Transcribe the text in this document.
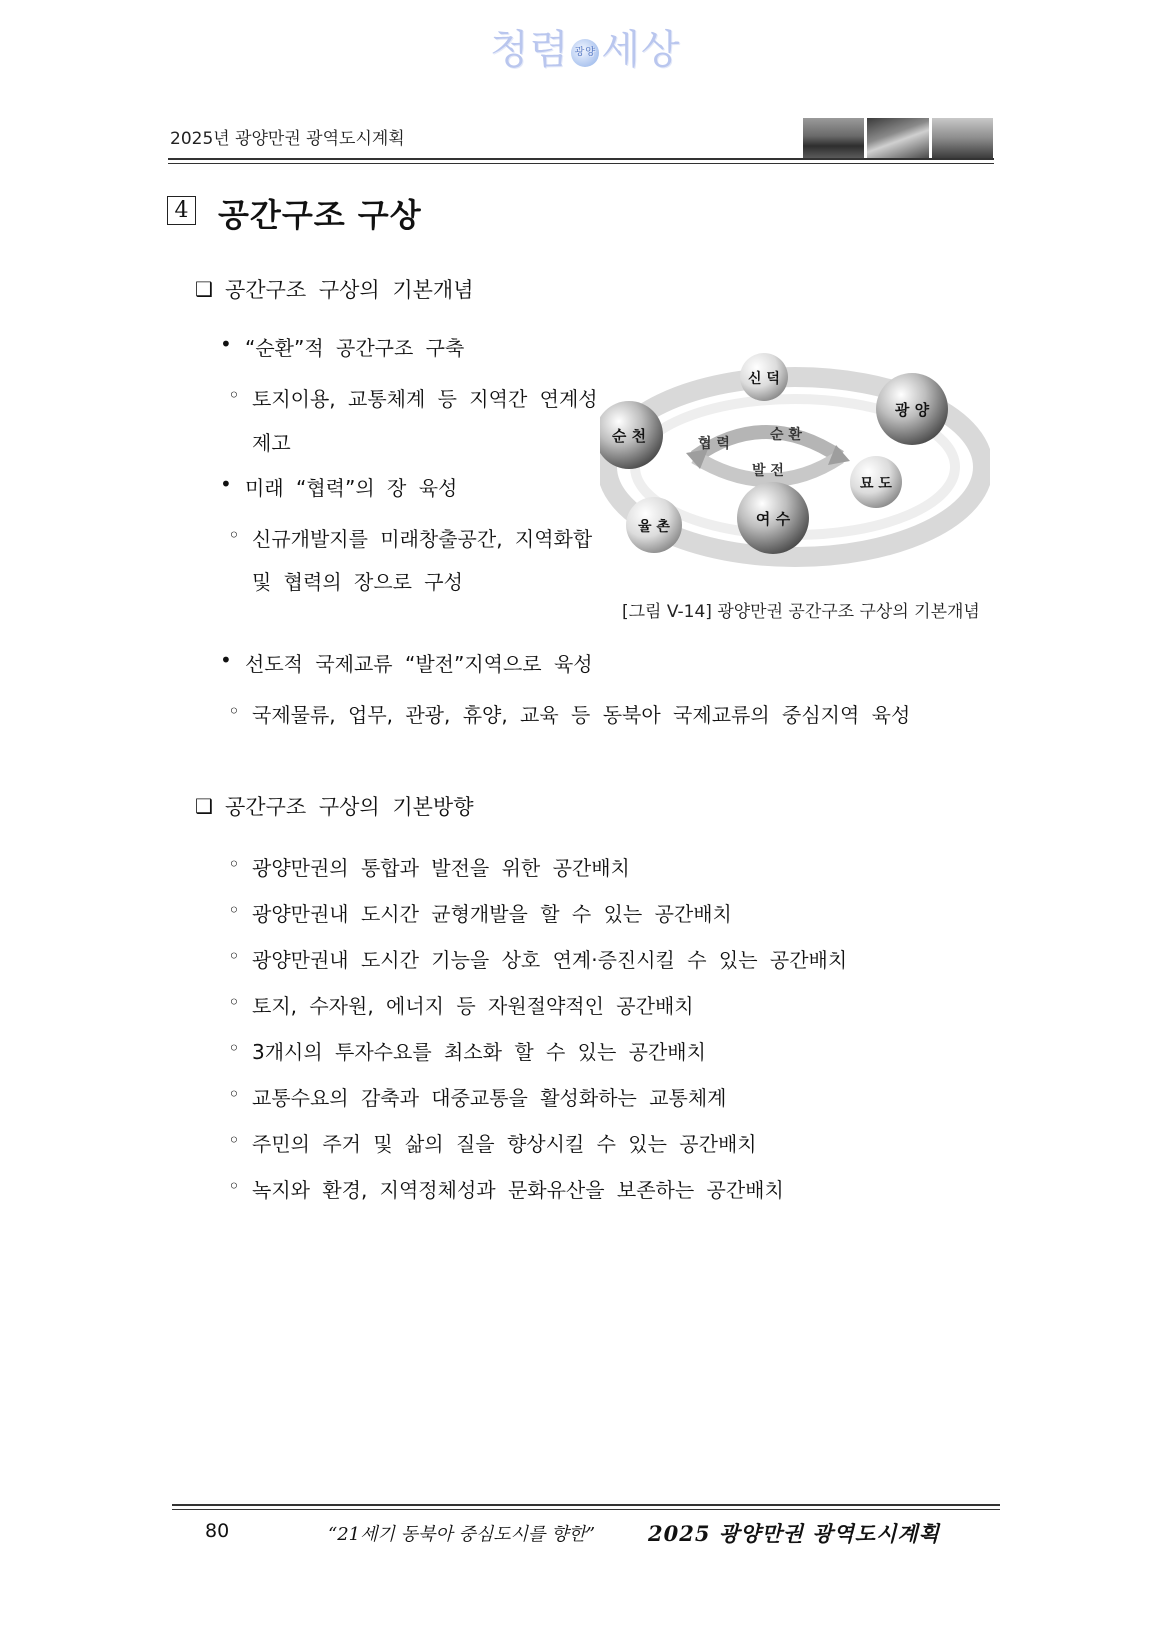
청렴 광양 세상
2025년 광양만권 광역도시계획
4 공간구조 구상
❑ 공간구조 구상의 기본개념
• “순환”적 공간구조 구축
◦ 토지이용, 교통체계 등 지역간 연계성
제고
• 미래 “협력”의 장 육성
◦ 신규개발지를 미래창출공간, 지역화합
및 협력의 장으로 구성
협 력
순 환
발 전
신 덕
광 양
순 천
묘 도
여 수
율 촌
[그림 V-14] 광양만권 공간구조 구상의 기본개념
• 선도적 국제교류 “발전”지역으로 육성
◦ 국제물류, 업무, 관광, 휴양, 교육 등 동북아 국제교류의 중심지역 육성
❑ 공간구조 구상의 기본방향
◦ 광양만권의 통합과 발전을 위한 공간배치
◦ 광양만권내 도시간 균형개발을 할 수 있는 공간배치
◦ 광양만권내 도시간 기능을 상호 연계·증진시킬 수 있는 공간배치
◦ 토지, 수자원, 에너지 등 자원절약적인 공간배치
◦ 3개시의 투자수요를 최소화 할 수 있는 공간배치
◦ 교통수요의 감축과 대중교통을 활성화하는 교통체계
◦ 주민의 주거 및 삶의 질을 향상시킬 수 있는 공간배치
◦ 녹지와 환경, 지역정체성과 문화유산을 보존하는 공간배치
80	“21세기 동북아 중심도시를 향한”	2025 광양만권 광역도시계획
